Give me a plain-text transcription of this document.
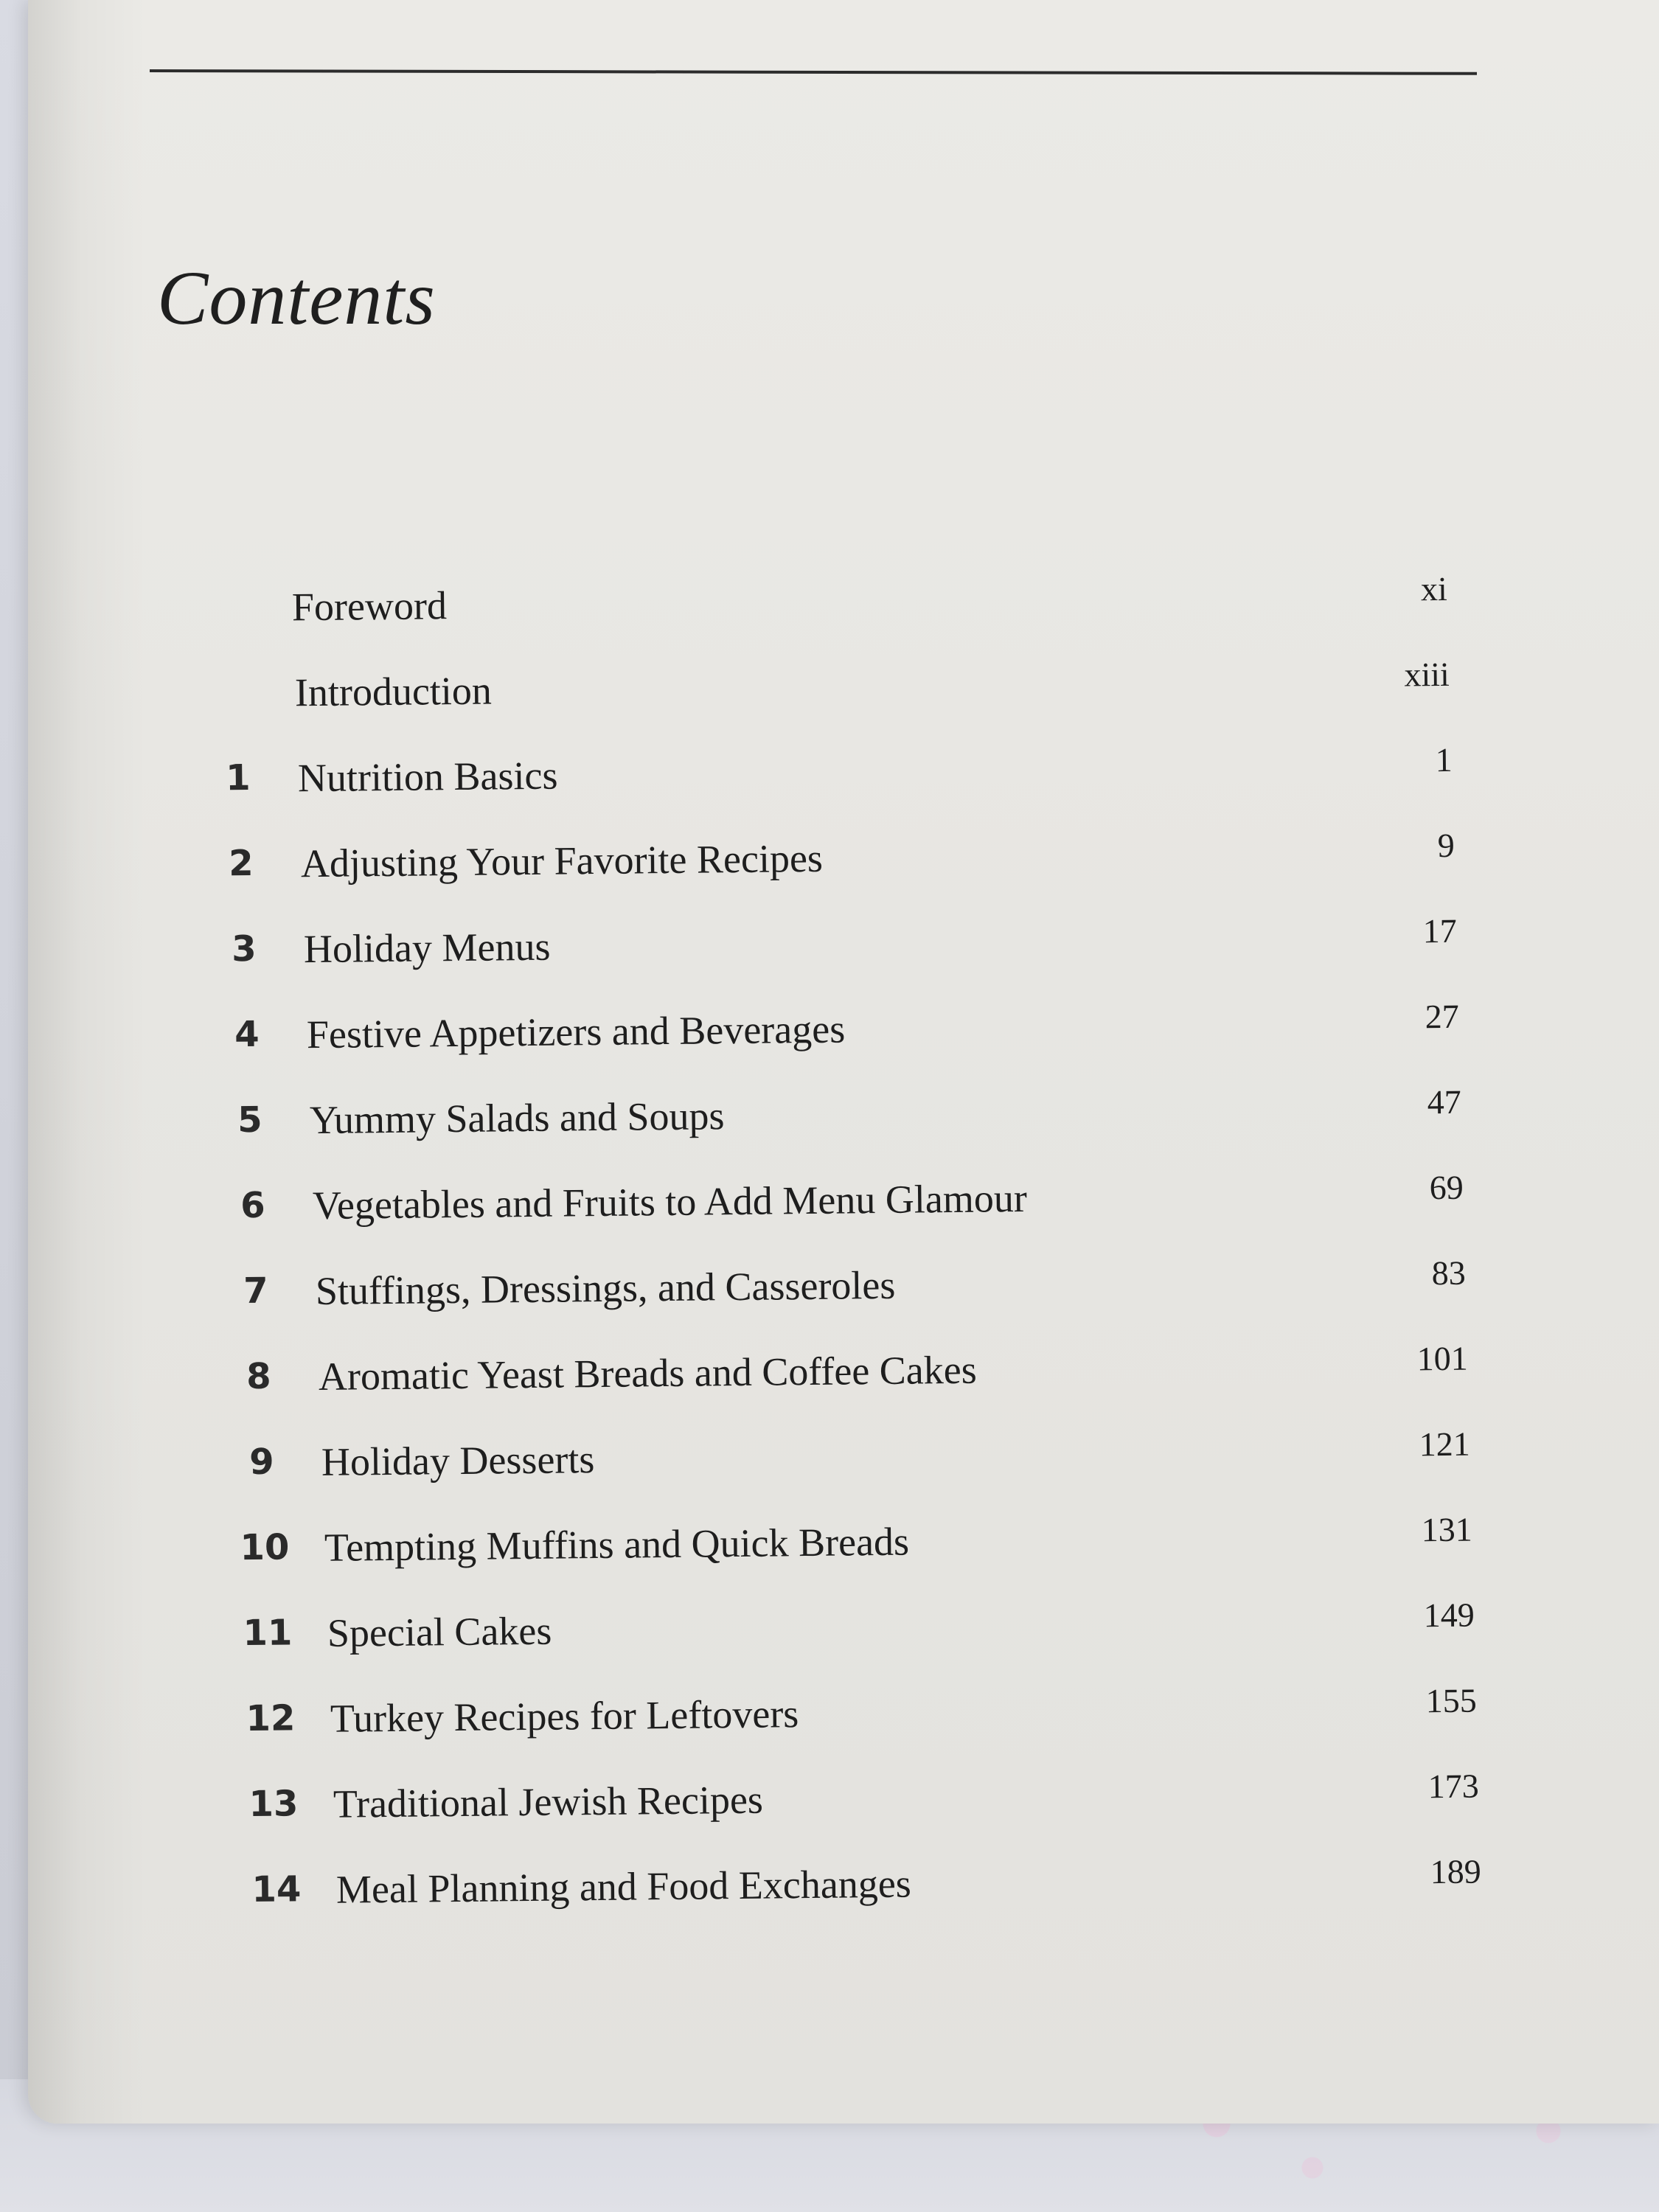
Contents
Foreword	xi
Introduction	xiii
1	Nutrition Basics	1
2	Adjusting Your Favorite Recipes	9
3	Holiday Menus	17
4	Festive Appetizers and Beverages	27
5	Yummy Salads and Soups	47
6	Vegetables and Fruits to Add Menu Glamour	69
7	Stuffings, Dressings, and Casseroles	83
8	Aromatic Yeast Breads and Coffee Cakes	101
9	Holiday Desserts	121
10 Tempting Muffins and Quick Breads	131
11 Special Cakes	149
12 Turkey Recipes for Leftovers	155
13 Traditional Jewish Recipes	173
14 Meal Planning and Food Exchanges	189
